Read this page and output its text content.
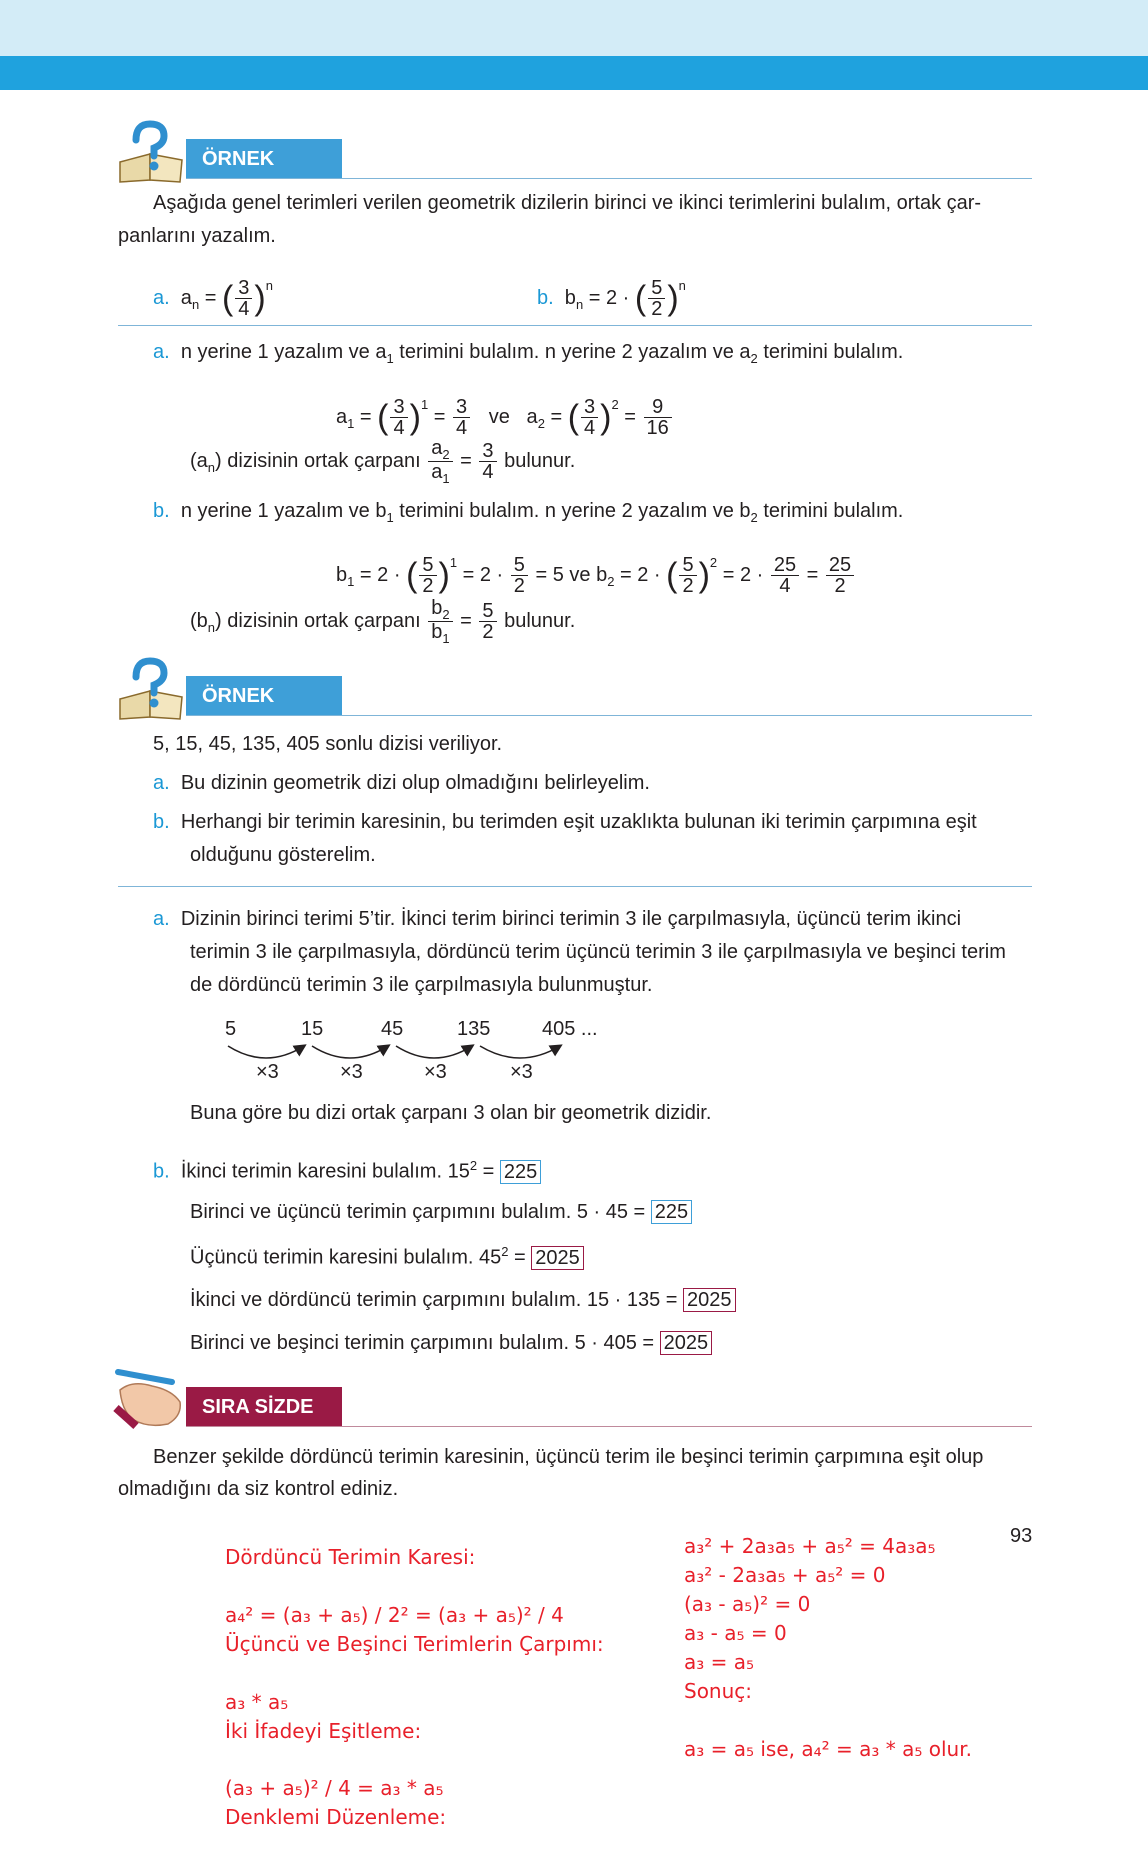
ÖRNEK
Aşağıda genel terimleri verilen geometrik dizilerin birinci ve ikinci terimlerini bulalım, ortak çar-
panlarını yazalım.
a.  $a_n$ = ( $\frac{3}{4} )^n$
b.  $b_n = 2$ · ( $\frac{5}{2} )^n$
a. n yerine 1 yazalım ve $a_1$ terimini bulalım. n yerine 2 yazalım ve $a_2$ terimini bulalım.
$a_1$ = ( $\frac{3}{4} )^1 = \frac{3}{4}$ ve   $a_2$ = ( $\frac{3}{4} )^2 = \frac{9}{16}$
$(a_n)$ dizisinin ortak çarpanı $\frac{a_2}{a_1} = \frac{3}{4}$ bulunur.
b. n yerine 1 yazalım ve $b_1$ terimini bulalım. n yerine 2 yazalım ve $b_2$ terimini bulalım.
$b_1 = 2$ · ( $\frac{5}{2} )^1 = 2 \cdot \frac{5}{2} = 5$ ve $b_2 = 2$ · ( $\frac{5}{2} )^2 = 2 \cdot \frac{25}{4} = \frac{25}{2}$
$(b_n)$ dizisinin ortak çarpanı $\frac{b_2}{b_1} = \frac{5}{2}$ bulunur.
ÖRNEK
5, 15, 45, 135, 405 sonlu dizisi veriliyor.
a. Bu dizinin geometrik dizi olup olmadığını belirleyelim.
b. Herhangi bir terimin karesinin, bu terimden eşit uzaklıkta bulunan iki terimin çarpımına eşit
olduğunu gösterelim.
a. Dizinin birinci terimi 5’tir. İkinci terim birinci terimin 3 ile çarpılmasıyla, üçüncü terim ikinci
terimin 3 ile çarpılmasıyla, dördüncü terim üçüncü terimin 3 ile çarpılmasıyla ve beşinci terim
de dördüncü terimin 3 ile çarpılmasıyla bulunmuştur.
5	15	45	135	405 ...
×3	×3	×3	×3
Buna göre bu dizi ortak çarpanı 3 olan bir geometrik dizidir.
b. İkinci terimin karesini bulalım. $15^2 = 225$
Birinci ve üçüncü terimin çarpımını bulalım. 5 · 45 = 225
Üçüncü terimin karesini bulalım. $45^2 = 2025$
İkinci ve dördüncü terimin çarpımını bulalım. 15 · 135 = 2025
Birinci ve beşinci terimin çarpımını bulalım. 5 · 405 = 2025
SIRA SİZDE
Benzer şekilde dördüncü terimin karesinin, üçüncü terim ile beşinci terimin çarpımına eşit olup
olmadığını da siz kontrol ediniz.
93
Dördüncü Terimin Karesi:
a₄² = (a₃ + a₅) / 2² = (a₃ + a₅)² / 4
Üçüncü ve Beşinci Terimlerin Çarpımı:
a₃ * a₅
İki İfadeyi Eşitleme:
(a₃ + a₅)² / 4 = a₃ * a₅
Denklemi Düzenleme:
a₃² + 2a₃a₅ + a₅² = 4a₃a₅
a₃² - 2a₃a₅ + a₅² = 0
(a₃ - a₅)² = 0
a₃ - a₅ = 0
a₃ = a₅
Sonuç:
a₃ = a₅ ise, a₄² = a₃ * a₅ olur.
